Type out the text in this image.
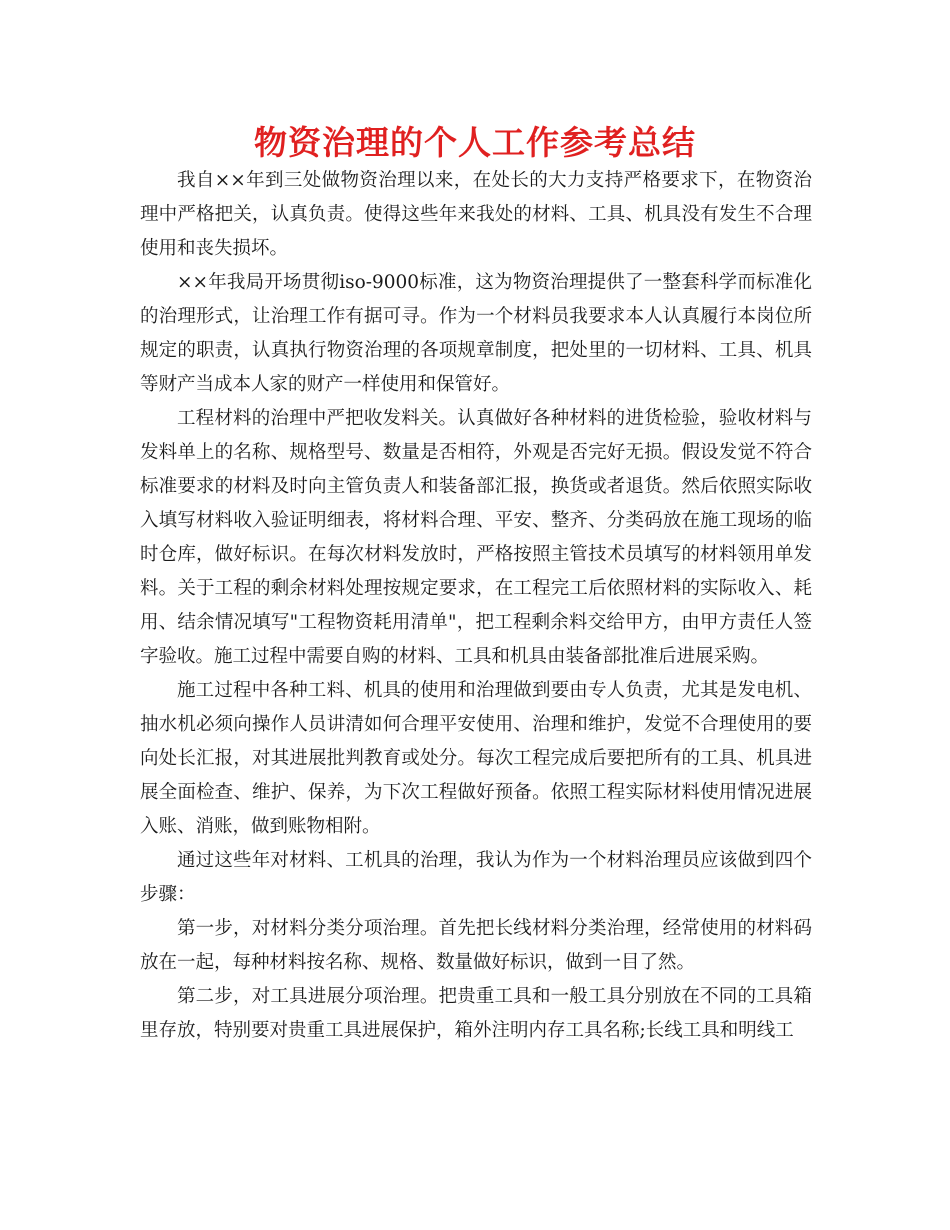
物资治理的个人工作参考总结

我自××年到三处做物资治理以来，在处长的大力支持严格要求下，在物资治理中严格把关，认真负责。使得这些年来我处的材料、工具、机具没有发生不合理使用和丧失损坏。

××年我局开场贯彻iso-9000标准，这为物资治理提供了一整套科学而标准化的治理形式，让治理工作有据可寻。作为一个材料员我要求本人认真履行本岗位所规定的职责，认真执行物资治理的各项规章制度，把处里的一切材料、工具、机具等财产当成本人家的财产一样使用和保管好。

工程材料的治理中严把收发料关。认真做好各种材料的进货检验，验收材料与发料单上的名称、规格型号、数量是否相符，外观是否完好无损。假设发觉不符合标准要求的材料及时向主管负责人和装备部汇报，换货或者退货。然后依照实际收入填写材料收入验证明细表，将材料合理、平安、整齐、分类码放在施工现场的临时仓库，做好标识。在每次材料发放时，严格按照主管技术员填写的材料领用单发料。关于工程的剩余材料处理按规定要求，在工程完工后依照材料的实际收入、耗用、结余情况填写"工程物资耗用清单"，把工程剩余料交给甲方，由甲方责任人签字验收。施工过程中需要自购的材料、工具和机具由装备部批准后进展采购。

施工过程中各种工料、机具的使用和治理做到要由专人负责，尤其是发电机、抽水机必须向操作人员讲清如何合理平安使用、治理和维护，发觉不合理使用的要向处长汇报，对其进展批判教育或处分。每次工程完成后要把所有的工具、机具进展全面检查、维护、保养，为下次工程做好预备。依照工程实际材料使用情况进展入账、消账，做到账物相附。

通过这些年对材料、工机具的治理，我认为作为一个材料治理员应该做到四个步骤：

第一步，对材料分类分项治理。首先把长线材料分类治理，经常使用的材料码放在一起，每种材料按名称、规格、数量做好标识，做到一目了然。

第二步，对工具进展分项治理。把贵重工具和一般工具分别放在不同的工具箱里存放，特别要对贵重工具进展保护，箱外注明内存工具名称;长线工具和明线工
